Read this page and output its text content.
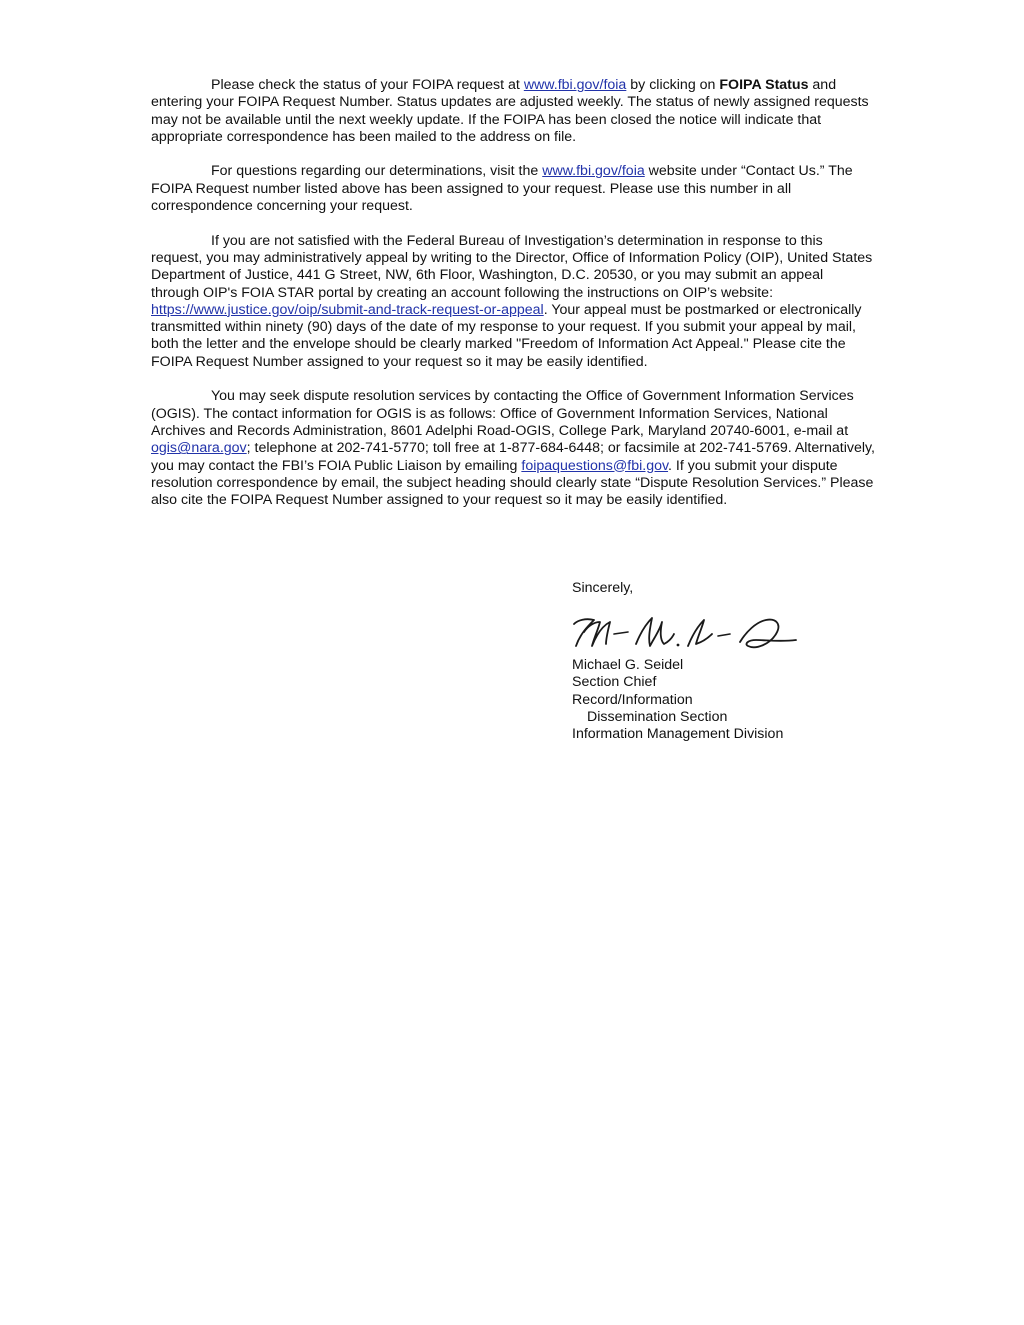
Please check the status of your FOIPA request at www.fbi.gov/foia by clicking on FOIPA Status and entering your FOIPA Request Number. Status updates are adjusted weekly. The status of newly assigned requests may not be available until the next weekly update. If the FOIPA has been closed the notice will indicate that appropriate correspondence has been mailed to the address on file.

For questions regarding our determinations, visit the www.fbi.gov/foia website under “Contact Us.” The FOIPA Request number listed above has been assigned to your request. Please use this number in all correspondence concerning your request.

If you are not satisfied with the Federal Bureau of Investigation’s determination in response to this request, you may administratively appeal by writing to the Director, Office of Information Policy (OIP), United States Department of Justice, 441 G Street, NW, 6th Floor, Washington, D.C. 20530, or you may submit an appeal through OIP's FOIA STAR portal by creating an account following the instructions on OIP’s website: https://www.justice.gov/oip/submit-and-track-request-or-appeal. Your appeal must be postmarked or electronically transmitted within ninety (90) days of the date of my response to your request. If you submit your appeal by mail, both the letter and the envelope should be clearly marked "Freedom of Information Act Appeal." Please cite the FOIPA Request Number assigned to your request so it may be easily identified.

You may seek dispute resolution services by contacting the Office of Government Information Services (OGIS). The contact information for OGIS is as follows: Office of Government Information Services, National Archives and Records Administration, 8601 Adelphi Road-OGIS, College Park, Maryland 20740-6001, e-mail at ogis@nara.gov; telephone at 202-741-5770; toll free at 1-877-684-6448; or facsimile at 202-741-5769. Alternatively, you may contact the FBI’s FOIA Public Liaison by emailing foipaquestions@fbi.gov. If you submit your dispute resolution correspondence by email, the subject heading should clearly state “Dispute Resolution Services.” Please also cite the FOIPA Request Number assigned to your request so it may be easily identified.

Sincerely,
Michael G. Seidel
Section Chief
Record/Information
Dissemination Section
Information Management Division
